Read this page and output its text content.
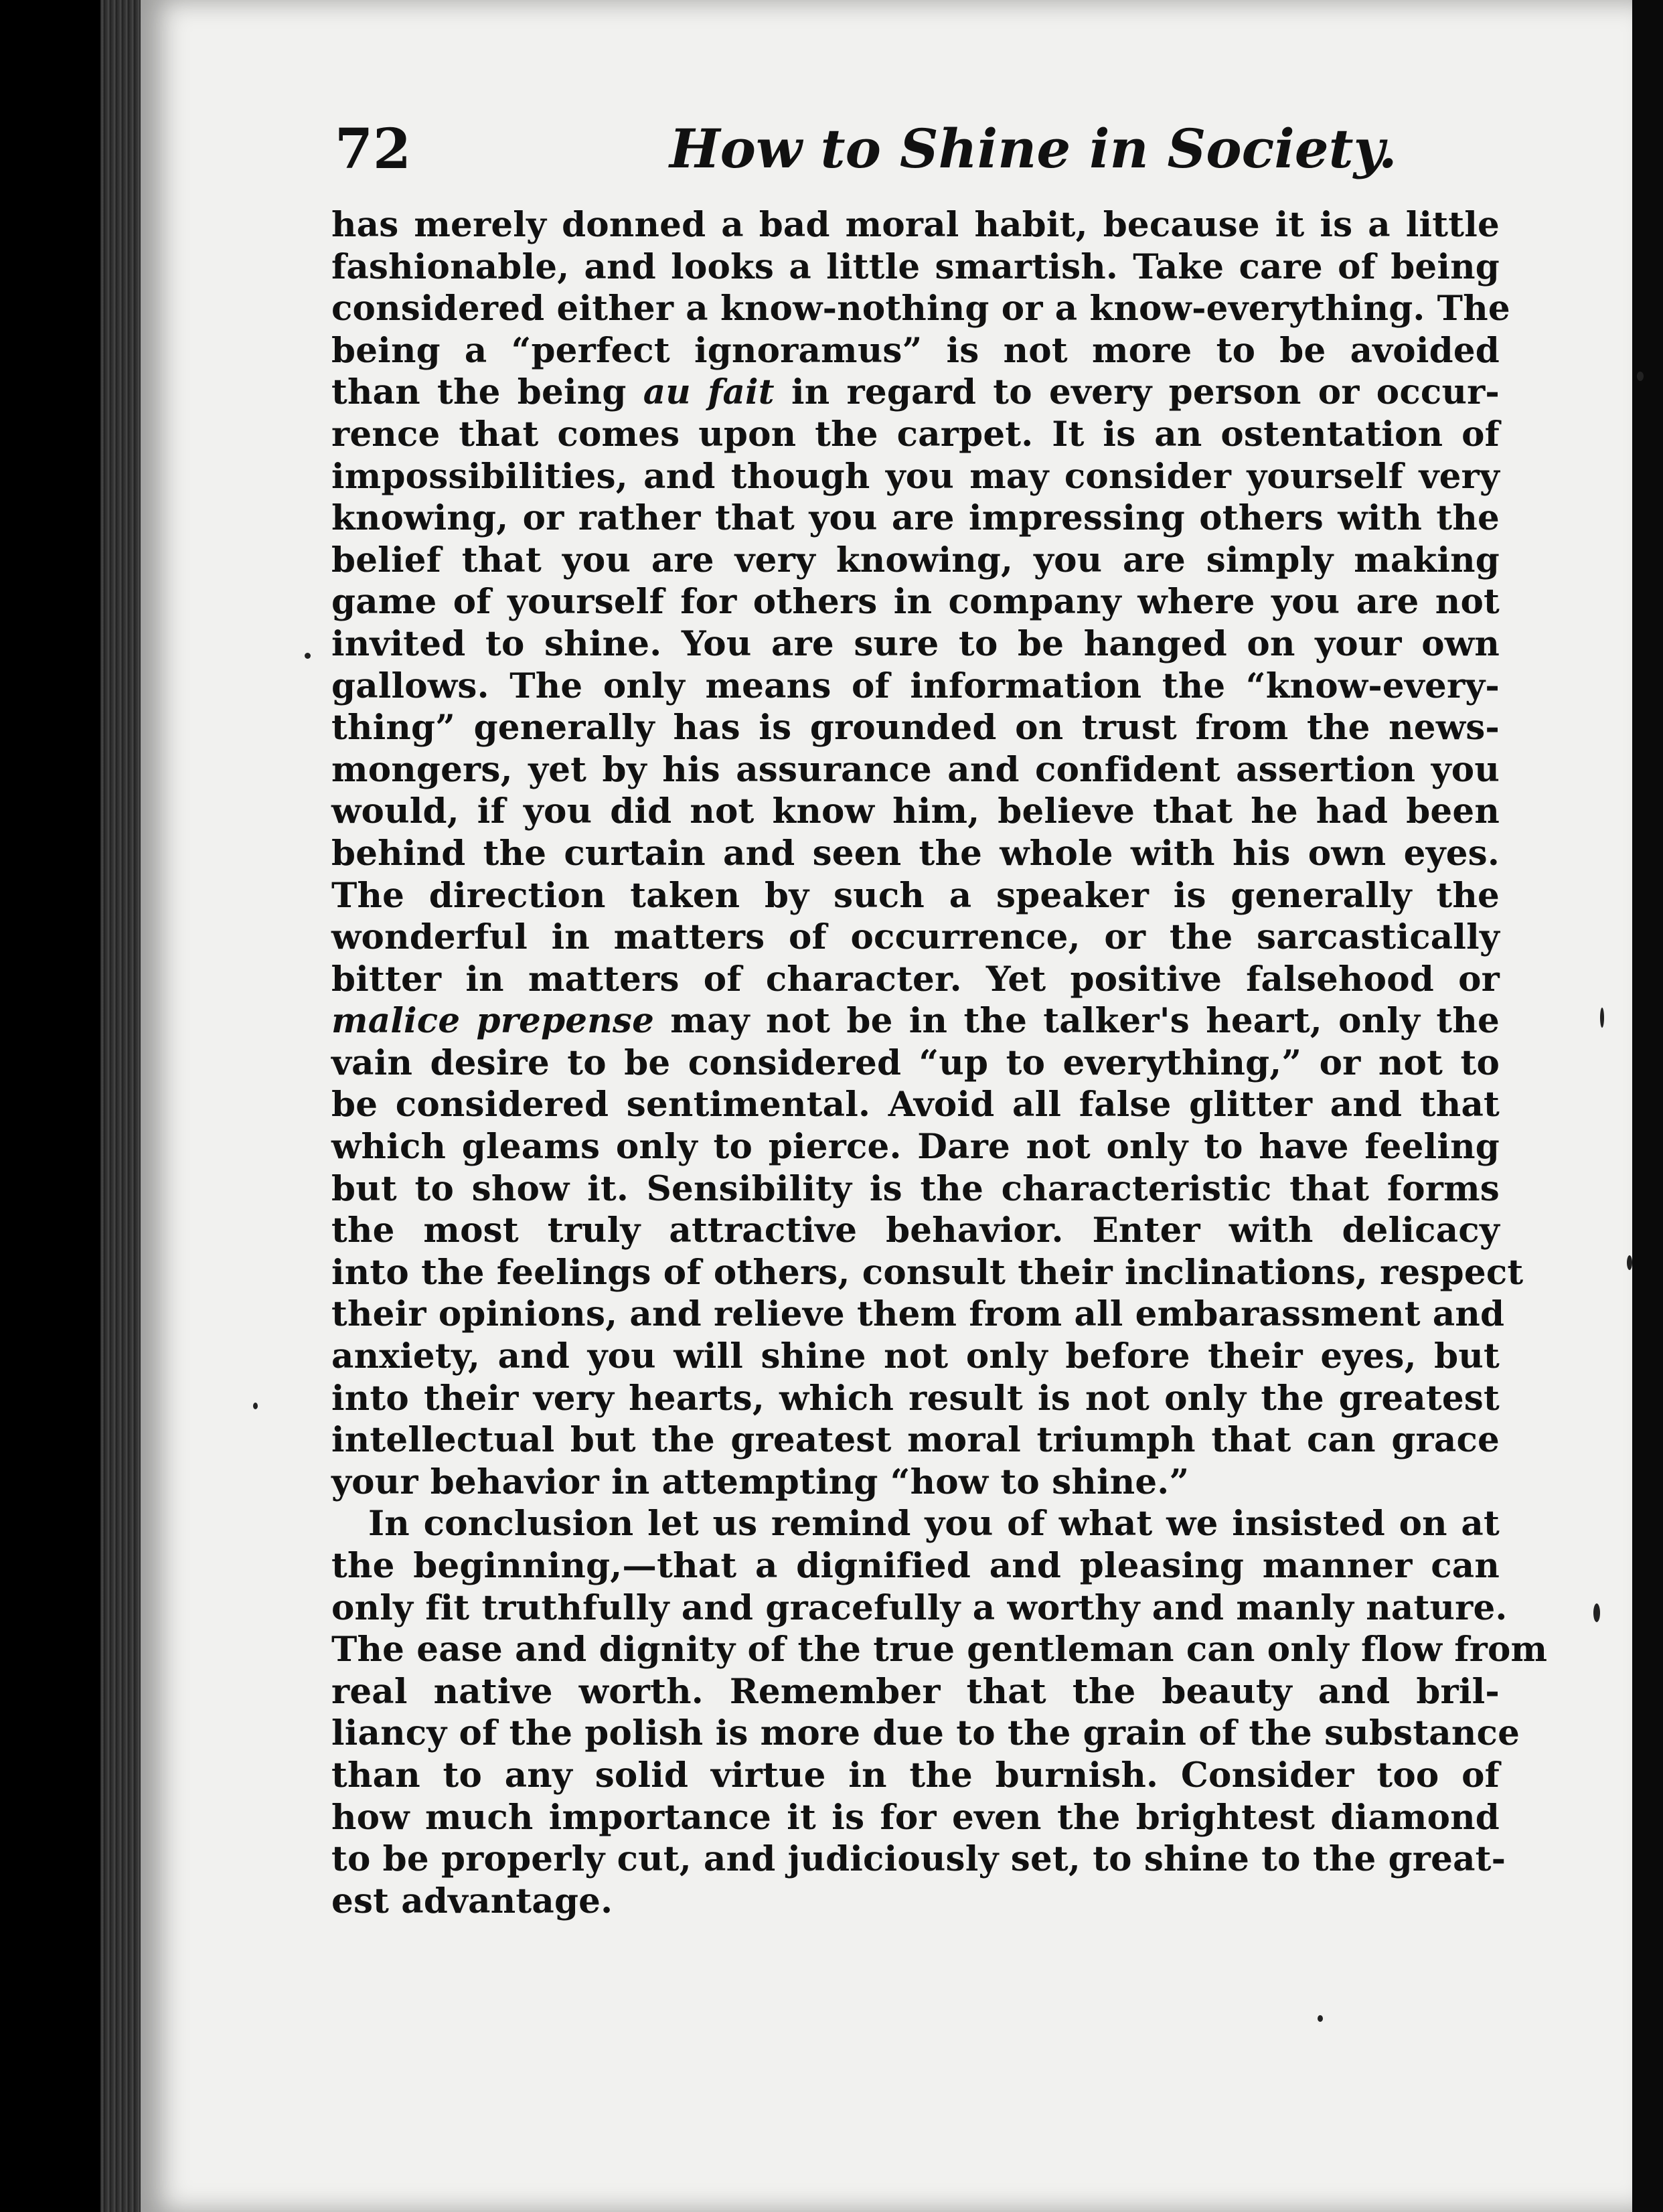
72	How to Shine in Society.
has merely donned a bad moral habit, because it is a little
fashionable, and looks a little smartish. Take care of being
considered either a know-nothing or a know-everything. The
being a “perfect ignoramus” is not more to be avoided
than the being au fait in regard to every person or occur-
rence that comes upon the carpet. It is an ostentation of
impossibilities, and though you may consider yourself very
knowing, or rather that you are impressing others with the
belief that you are very knowing, you are simply making
game of yourself for others in company where you are not
invited to shine. You are sure to be hanged on your own
gallows. The only means of information the “know-every-
thing” generally has is grounded on trust from the news-
mongers, yet by his assurance and confident assertion you
would, if you did not know him, believe that he had been
behind the curtain and seen the whole with his own eyes.
The direction taken by such a speaker is generally the
wonderful in matters of occurrence, or the sarcastically
bitter in matters of character. Yet positive falsehood or
malice prepense may not be in the talker's heart, only the
vain desire to be considered “up to everything,” or not to
be considered sentimental. Avoid all false glitter and that
which gleams only to pierce. Dare not only to have feeling
but to show it. Sensibility is the characteristic that forms
the most truly attractive behavior. Enter with delicacy
into the feelings of others, consult their inclinations, respect
their opinions, and relieve them from all embarassment and
anxiety, and you will shine not only before their eyes, but
into their very hearts, which result is not only the greatest
intellectual but the greatest moral triumph that can grace
your behavior in attempting “how to shine.”
In conclusion let us remind you of what we insisted on at
the beginning,—that a dignified and pleasing manner can
only fit truthfully and gracefully a worthy and manly nature.
The ease and dignity of the true gentleman can only flow from
real native worth. Remember that the beauty and bril-
liancy of the polish is more due to the grain of the substance
than to any solid virtue in the burnish. Consider too of
how much importance it is for even the brightest diamond
to be properly cut, and judiciously set, to shine to the great-
est advantage.
